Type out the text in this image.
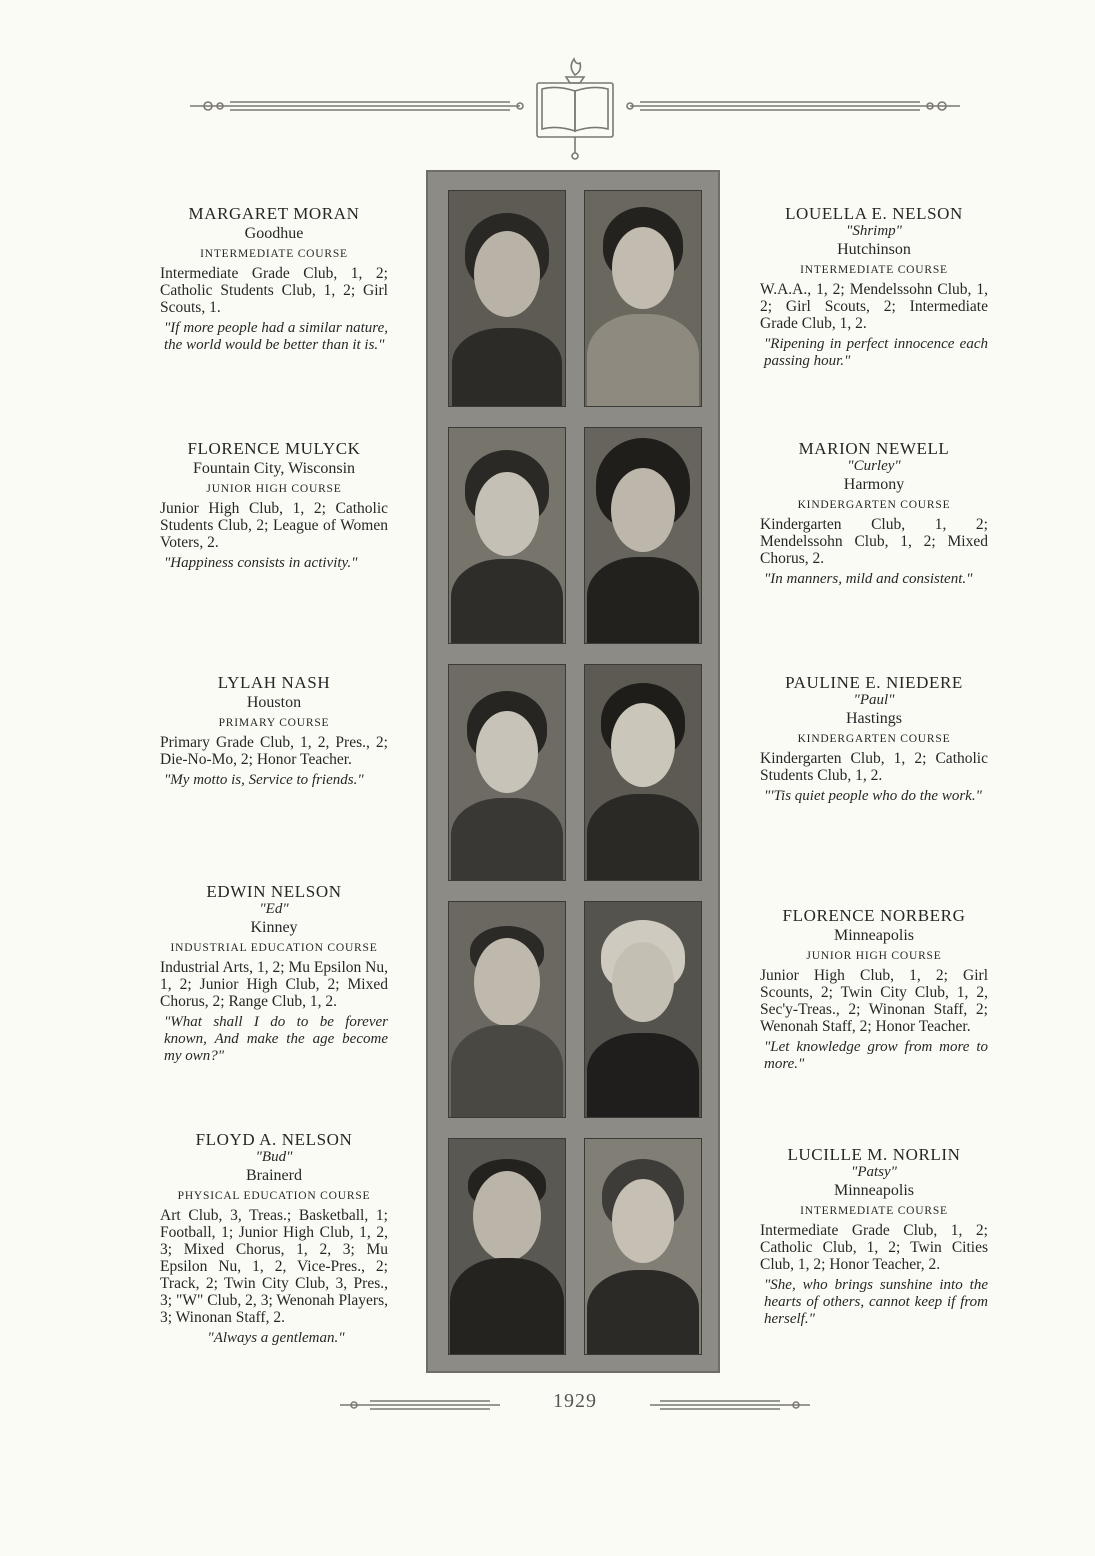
MARGARET MORAN
Goodhue
INTERMEDIATE COURSE
Intermediate Grade Club, 1, 2; Catholic Students Club, 1, 2; Girl Scouts, 1.
"If more people had a similar nature, the world would be better than it is."
FLORENCE MULYCK
Fountain City, Wisconsin
JUNIOR HIGH COURSE
Junior High Club, 1, 2; Catholic Students Club, 2; League of Women Voters, 2.
"Happiness consists in activity."
LYLAH NASH
Houston
PRIMARY COURSE
Primary Grade Club, 1, 2, Pres., 2; Die-No-Mo, 2; Honor Teacher.
"My motto is, Service to friends."
EDWIN NELSON
"Ed"
Kinney
INDUSTRIAL EDUCATION COURSE
Industrial Arts, 1, 2; Mu Epsilon Nu, 1, 2; Junior High Club, 2; Mixed Chorus, 2; Range Club, 1, 2.
"What shall I do to be forever known, And make the age become my own?"
FLOYD A. NELSON
"Bud"
Brainerd
PHYSICAL EDUCATION COURSE
Art Club, 3, Treas.; Basketball, 1; Football, 1; Junior High Club, 1, 2, 3; Mixed Chorus, 1, 2, 3; Mu Epsilon Nu, 1, 2, Vice-Pres., 2; Track, 2; Twin City Club, 3, Pres., 3; "W" Club, 2, 3; Wenonah Players, 3; Winonan Staff, 2.
"Always a gentleman."
LOUELLA E. NELSON
"Shrimp"
Hutchinson
INTERMEDIATE COURSE
W.A.A., 1, 2; Mendelssohn Club, 1, 2; Girl Scouts, 2; Intermediate Grade Club, 1, 2.
"Ripening in perfect innocence each passing hour."
MARION NEWELL
"Curley"
Harmony
KINDERGARTEN COURSE
Kindergarten Club, 1, 2; Mendelssohn Club, 1, 2; Mixed Chorus, 2.
"In manners, mild and consistent."
PAULINE E. NIEDERE
"Paul"
Hastings
KINDERGARTEN COURSE
Kindergarten Club, 1, 2; Catholic Students Club, 1, 2.
"'Tis quiet people who do the work."
FLORENCE NORBERG
Minneapolis
JUNIOR HIGH COURSE
Junior High Club, 1, 2; Girl Scounts, 2; Twin City Club, 1, 2, Sec'y-Treas., 2; Winonan Staff, 2; Wenonah Staff, 2; Honor Teacher.
"Let knowledge grow from more to more."
LUCILLE M. NORLIN
"Patsy"
Minneapolis
INTERMEDIATE COURSE
Intermediate Grade Club, 1, 2; Catholic Club, 1, 2; Twin Cities Club, 1, 2; Honor Teacher, 2.
"She, who brings sunshine into the hearts of others, cannot keep if from herself."
1929
